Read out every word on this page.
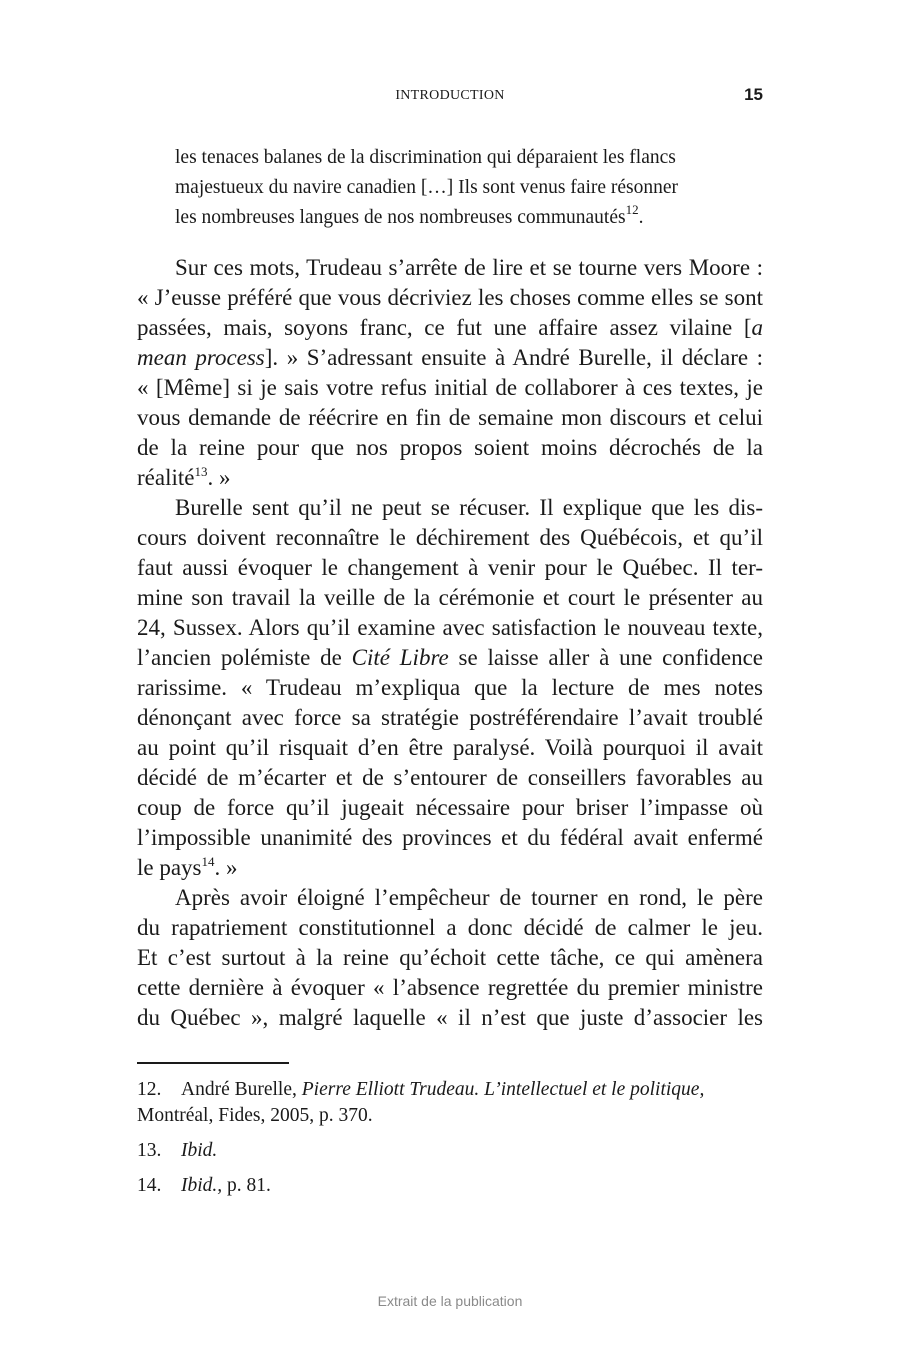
INTRODUCTION	15
les tenaces balanes de la discrimination qui déparaient les flancs
majestueux du navire canadien […] Ils sont venus faire résonner
les nombreuses langues de nos nombreuses communautés$^{12}$.
Sur ces mots, Trudeau s’arrête de lire et se tourne vers Moore :
« J’eusse préféré que vous décriviez les choses comme elles se sont
passées, mais, soyons franc, ce fut une affaire assez vilaine [a
mean process]. » S’adressant ensuite à André Burelle, il déclare :
« [Même] si je sais votre refus initial de collaborer à ces textes, je
vous demande de réécrire en fin de semaine mon discours et celui
de la reine pour que nos propos soient moins décrochés de la
réalité$^{13}$. »
Burelle sent qu’il ne peut se récuser. Il explique que les dis-
cours doivent reconnaître le déchirement des Québécois, et qu’il
faut aussi évoquer le changement à venir pour le Québec. Il ter-
mine son travail la veille de la cérémonie et court le présenter au
24, Sussex. Alors qu’il examine avec satisfaction le nouveau texte,
l’ancien polémiste de Cité Libre se laisse aller à une confidence
rarissime. « Trudeau m’expliqua que la lecture de mes notes
dénonçant avec force sa stratégie postréférendaire l’avait troublé
au point qu’il risquait d’en être paralysé. Voilà pourquoi il avait
décidé de m’écarter et de s’entourer de conseillers favorables au
coup de force qu’il jugeait nécessaire pour briser l’impasse où
l’impossible unanimité des provinces et du fédéral avait enfermé
le pays$^{14}$. »
Après avoir éloigné l’empêcheur de tourner en rond, le père
du rapatriement constitutionnel a donc décidé de calmer le jeu.
Et c’est surtout à la reine qu’échoit cette tâche, ce qui amènera
cette dernière à évoquer « l’absence regrettée du premier ministre
du Québec », malgré laquelle « il n’est que juste d’associer les
12. André Burelle, Pierre Elliott Trudeau. L’intellectuel et le politique,
Montréal, Fides, 2005, p. 370.
13. Ibid.
14. Ibid., p. 81.
Extrait de la publication
